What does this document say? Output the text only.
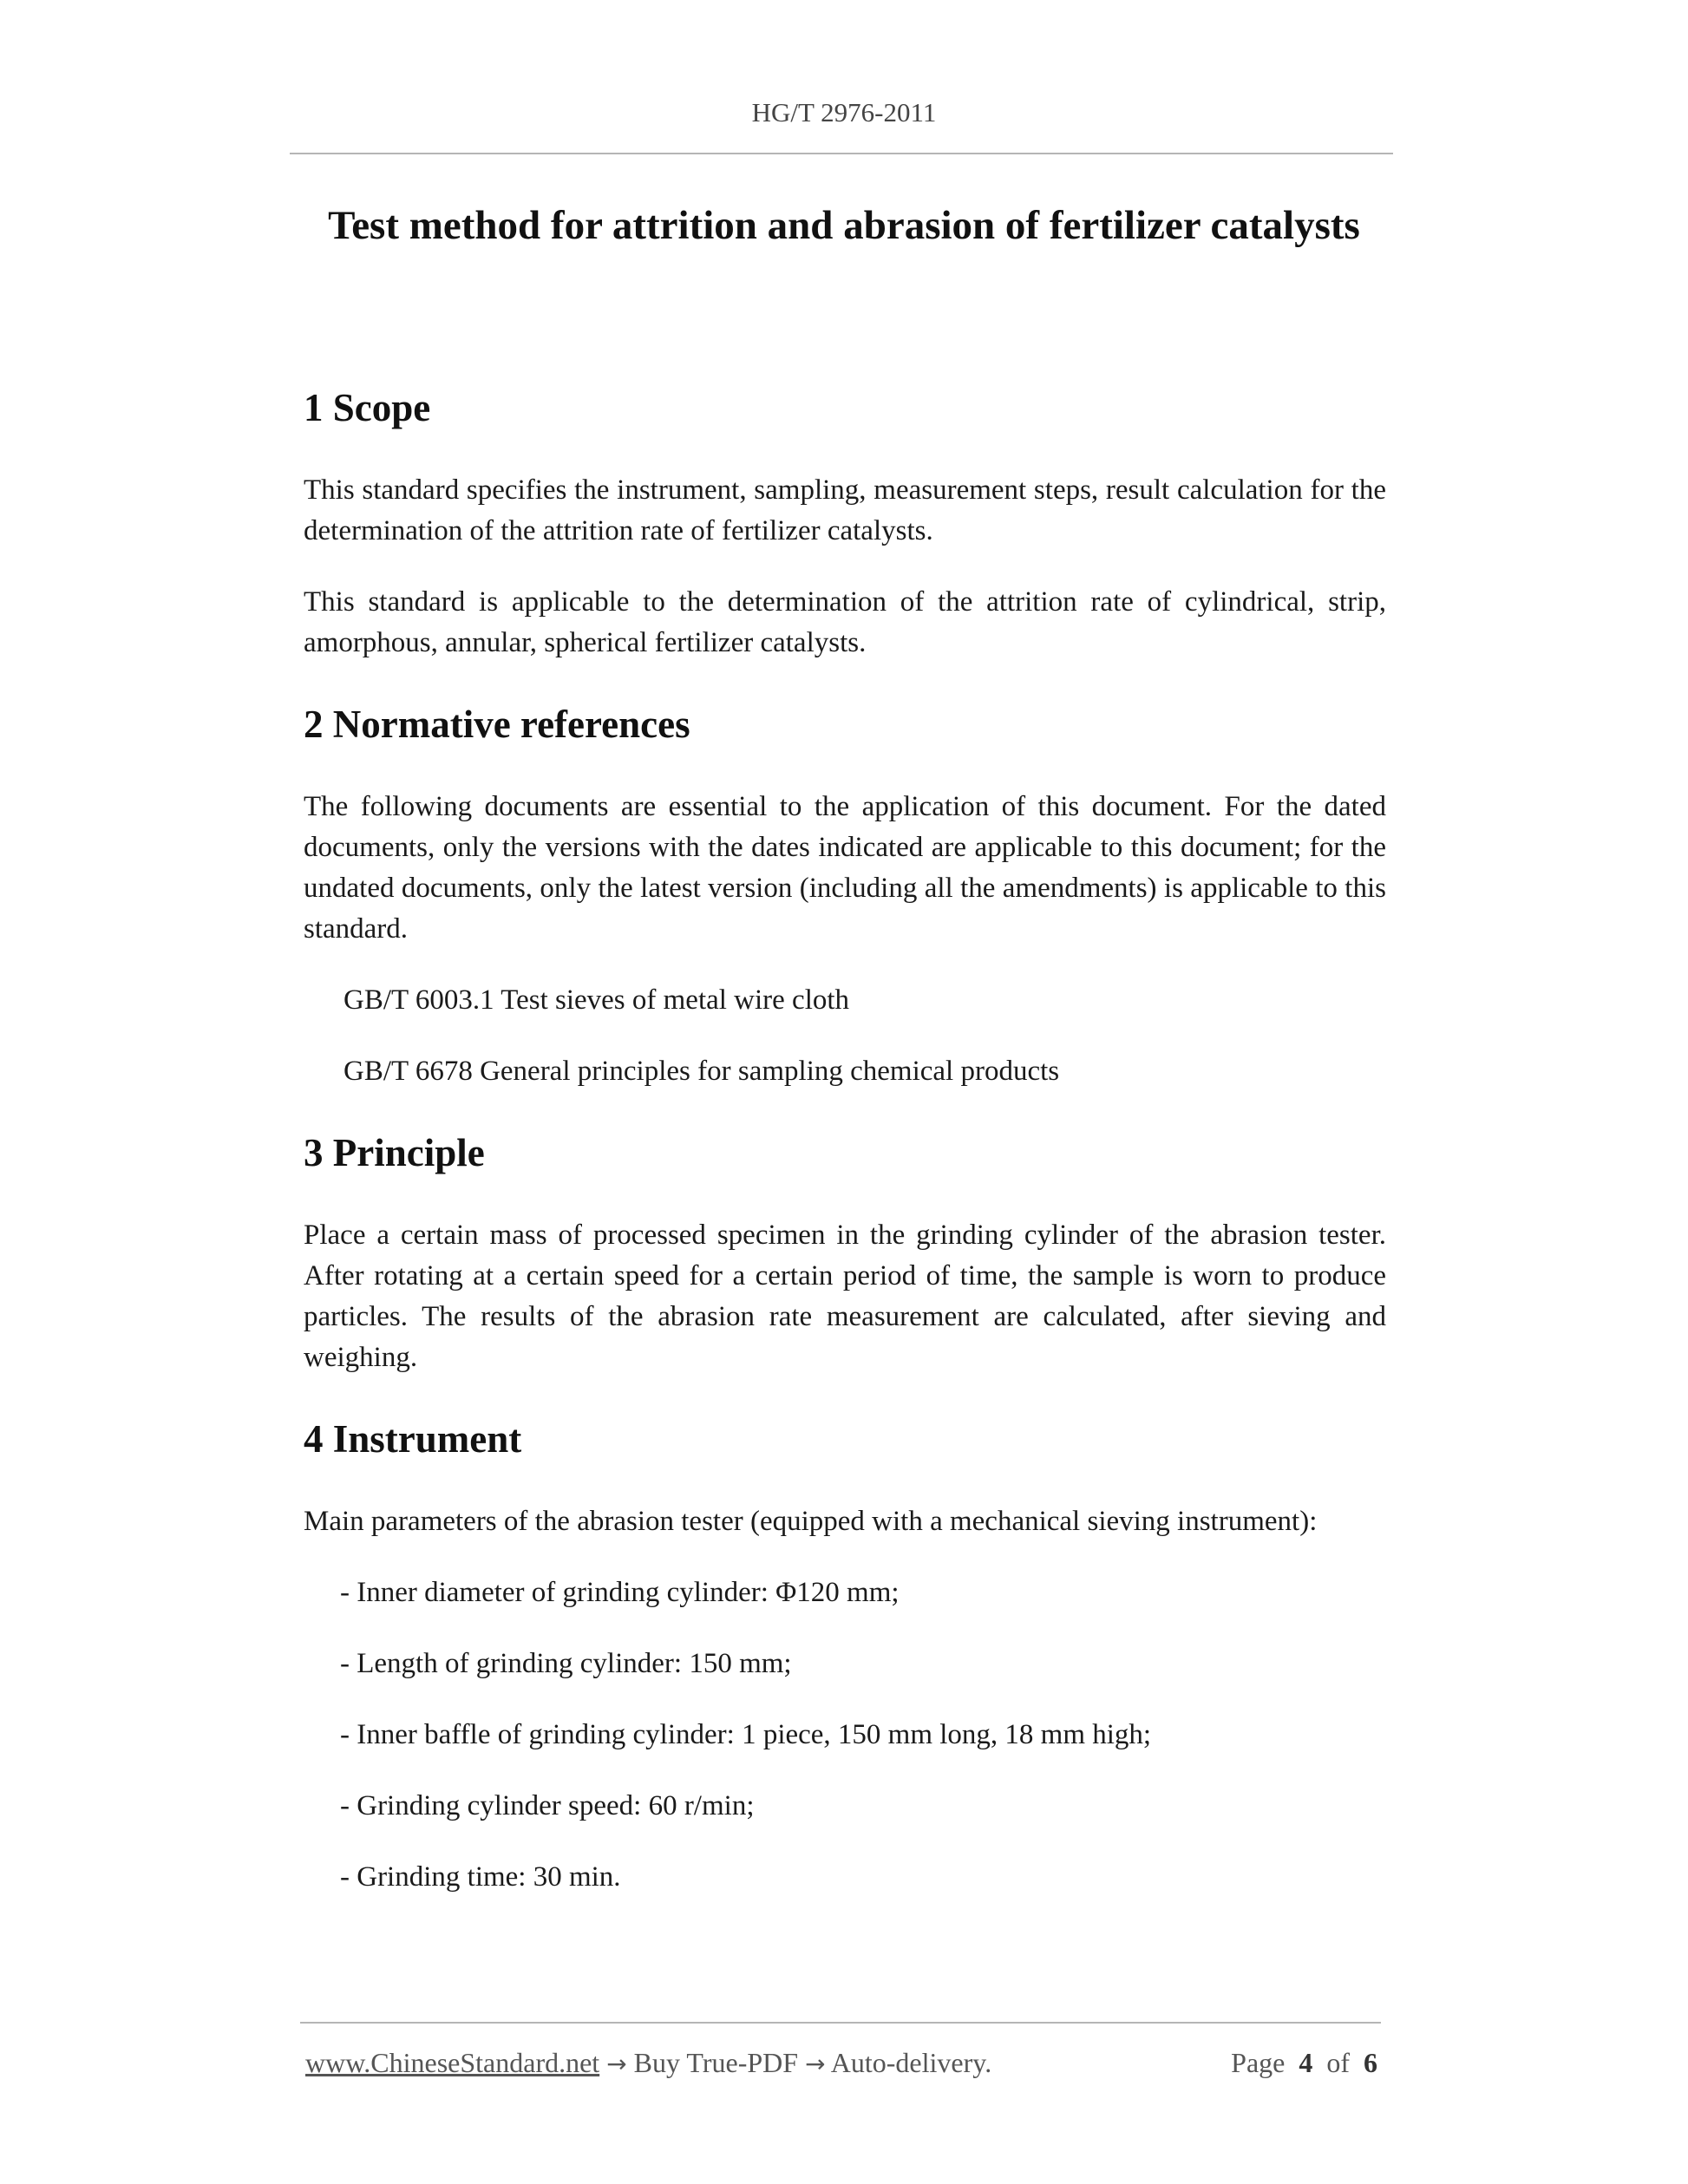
HG/T 2976-2011
Test method for attrition and abrasion of fertilizer catalysts
1 Scope

This standard specifies the instrument, sampling, measurement steps, result calculation for the determination of the attrition rate of fertilizer catalysts.

This standard is applicable to the determination of the attrition rate of cylindrical, strip, amorphous, annular, spherical fertilizer catalysts.

2 Normative references

The following documents are essential to the application of this document. For the dated documents, only the versions with the dates indicated are applicable to this document; for the undated documents, only the latest version (including all the amendments) is applicable to this standard.

GB/T 6003.1 Test sieves of metal wire cloth
GB/T 6678 General principles for sampling chemical products
3 Principle

Place a certain mass of processed specimen in the grinding cylinder of the abrasion tester. After rotating at a certain speed for a certain period of time, the sample is worn to produce particles. The results of the abrasion rate measurement are calculated, after sieving and weighing.

4 Instrument

Main parameters of the abrasion tester (equipped with a mechanical sieving instrument):

- Inner diameter of grinding cylinder: Φ120 mm;
- Length of grinding cylinder: 150 mm;
- Inner baffle of grinding cylinder: 1 piece, 150 mm long, 18 mm high;
- Grinding cylinder speed: 60 r/min;
- Grinding time: 30 min.
www.ChineseStandard.net → Buy True-PDF → Auto-delivery.	Page 4 of 6
